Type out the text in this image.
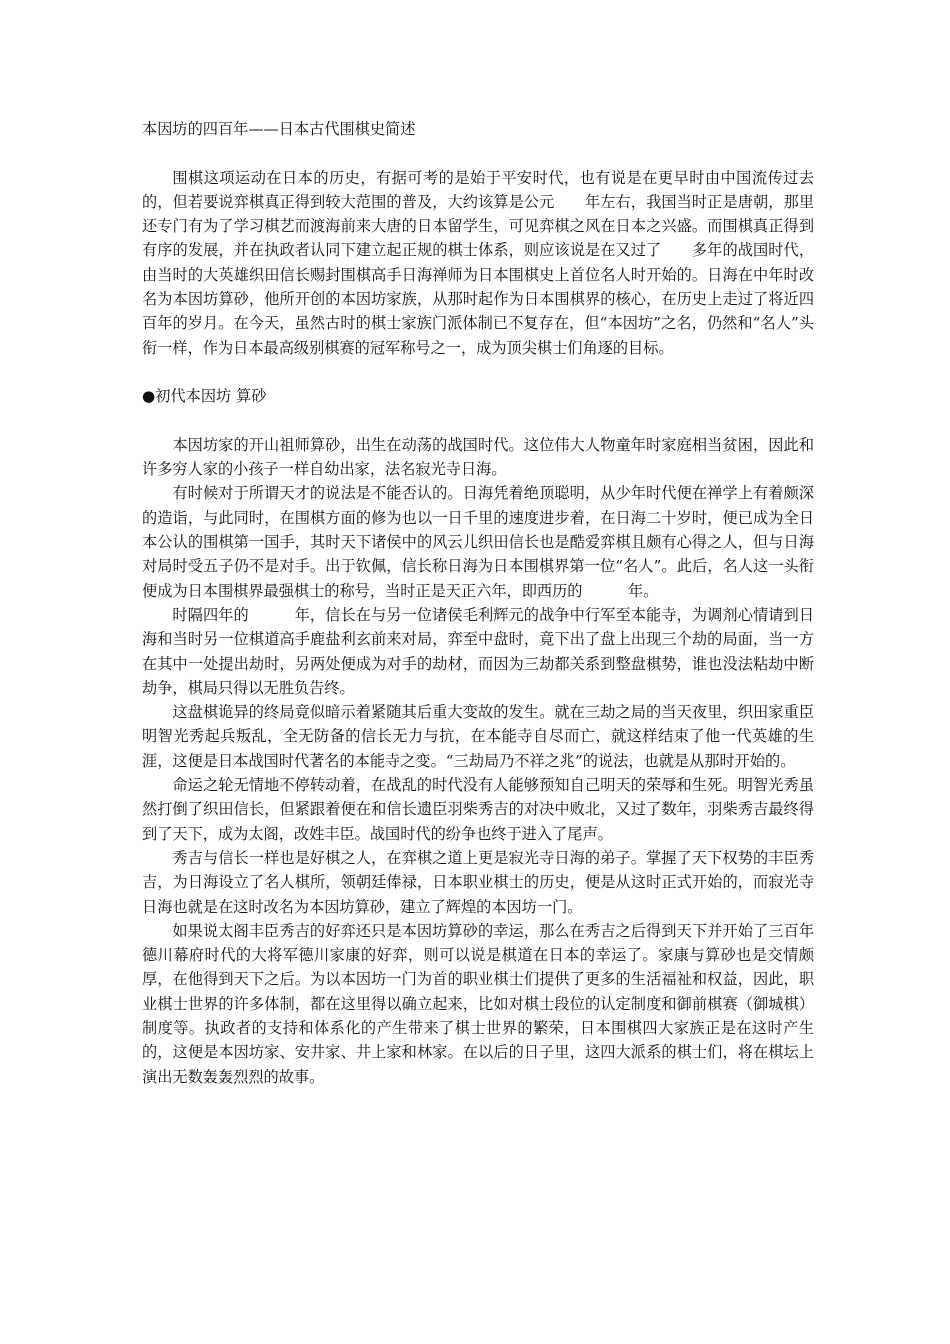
本因坊的四百年——日本古代围棋史简述

围棋这项运动在日本的历史，有据可考的是始于平安时代，也有说是在更早时由中国流传过去的，但若要说弈棋真正得到较大范围的普及，大约该算是公元　　年左右，我国当时正是唐朝，那里还专门有为了学习棋艺而渡海前来大唐的日本留学生，可见弈棋之风在日本之兴盛。而围棋真正得到有序的发展，并在执政者认同下建立起正规的棋士体系，则应该说是在又过了　　多年的战国时代，由当时的大英雄织田信长赐封围棋高手日海禅师为日本围棋史上首位名人时开始的。日海在中年时改名为本因坊算砂，他所开创的本因坊家族，从那时起作为日本围棋界的核心，在历史上走过了将近四百年的岁月。在今天，虽然古时的棋士家族门派体制已不复存在，但“本因坊”之名，仍然和“名人”头衔一样，作为日本最高级别棋赛的冠军称号之一，成为顶尖棋士们角逐的目标。

●初代本因坊 算砂

本因坊家的开山祖师算砂，出生在动荡的战国时代。这位伟大人物童年时家庭相当贫困，因此和许多穷人家的小孩子一样自幼出家，法名寂光寺日海。

有时候对于所谓天才的说法是不能否认的。日海凭着绝顶聪明，从少年时代便在禅学上有着颇深的造诣，与此同时，在围棋方面的修为也以一日千里的速度进步着，在日海二十岁时，便已成为全日本公认的围棋第一国手，其时天下诸侯中的风云儿织田信长也是酷爱弈棋且颇有心得之人，但与日海对局时受五子仍不是对手。出于钦佩，信长称日海为日本围棋界第一位“名人”。此后，名人这一头衔便成为日本围棋界最强棋士的称号，当时正是天正六年，即西历的　　　年。

时隔四年的　　　年，信长在与另一位诸侯毛利辉元的战争中行军至本能寺，为调剂心情请到日海和当时另一位棋道高手鹿盐利玄前来对局，弈至中盘时，竟下出了盘上出现三个劫的局面，当一方在其中一处提出劫时，另两处便成为对手的劫材，而因为三劫都关系到整盘棋势，谁也没法粘劫中断劫争，棋局只得以无胜负告终。

这盘棋诡异的终局竟似暗示着紧随其后重大变故的发生。就在三劫之局的当天夜里，织田家重臣明智光秀起兵叛乱，全无防备的信长无力与抗，在本能寺自尽而亡，就这样结束了他一代英雄的生涯，这便是日本战国时代著名的本能寺之变。“三劫局乃不祥之兆”的说法，也就是从那时开始的。

命运之轮无情地不停转动着，在战乱的时代没有人能够预知自己明天的荣辱和生死。明智光秀虽然打倒了织田信长，但紧跟着便在和信长遗臣羽柴秀吉的对决中败北，又过了数年，羽柴秀吉最终得到了天下，成为太阁，改姓丰臣。战国时代的纷争也终于进入了尾声。

秀吉与信长一样也是好棋之人，在弈棋之道上更是寂光寺日海的弟子。掌握了天下权势的丰臣秀吉，为日海设立了名人棋所，领朝廷俸禄，日本职业棋士的历史，便是从这时正式开始的，而寂光寺日海也就是在这时改名为本因坊算砂，建立了辉煌的本因坊一门。

如果说太阁丰臣秀吉的好弈还只是本因坊算砂的幸运，那么在秀吉之后得到天下并开始了三百年德川幕府时代的大将军德川家康的好弈，则可以说是棋道在日本的幸运了。家康与算砂也是交情颇厚，在他得到天下之后。为以本因坊一门为首的职业棋士们提供了更多的生活福祉和权益，因此，职业棋士世界的许多体制，都在这里得以确立起来，比如对棋士段位的认定制度和御前棋赛（御城棋）制度等。执政者的支持和体系化的产生带来了棋士世界的繁荣，日本围棋四大家族正是在这时产生的，这便是本因坊家、安井家、井上家和林家。在以后的日子里，这四大派系的棋士们，将在棋坛上演出无数轰轰烈烈的故事。
